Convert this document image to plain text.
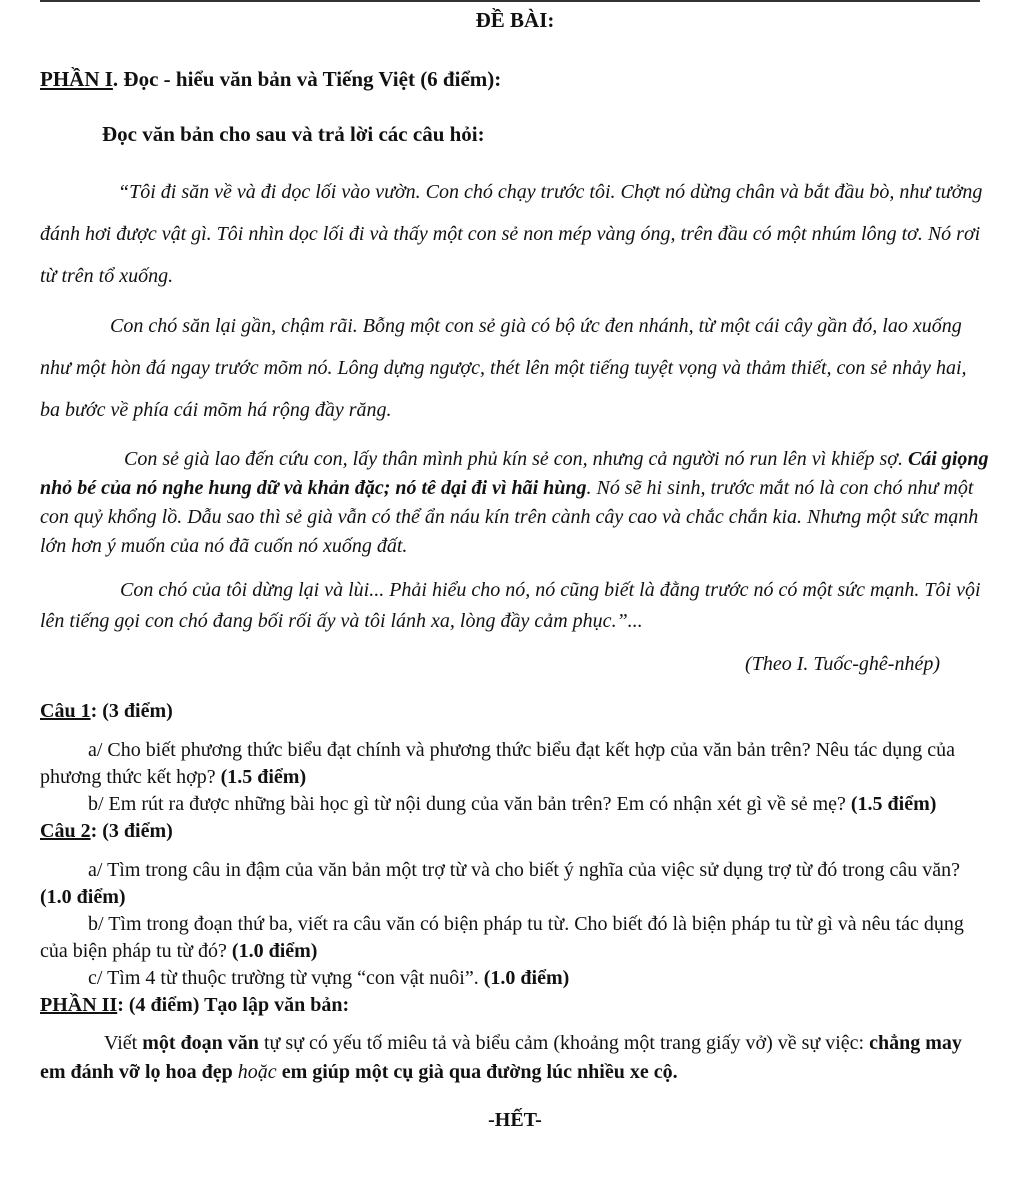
ĐỀ BÀI:

PHẦN I. Đọc - hiểu văn bản và Tiếng Việt (6 điểm):

Đọc văn bản cho sau và trả lời các câu hỏi:

“Tôi đi săn về và đi dọc lối vào vườn. Con chó chạy trước tôi. Chợt nó dừng chân và bắt đầu bò, như tưởng đánh hơi được vật gì. Tôi nhìn dọc lối đi và thấy một con sẻ non mép vàng óng, trên đầu có một nhúm lông tơ. Nó rơi từ trên tổ xuống.

Con chó săn lại gần, chậm rãi. Bỗng một con sẻ già có bộ ức đen nhánh, từ một cái cây gần đó, lao xuống như một hòn đá ngay trước mõm nó. Lông dựng ngược, thét lên một tiếng tuyệt vọng và thảm thiết, con sẻ nhảy hai, ba bước về phía cái mõm há rộng đầy răng.

Con sẻ già lao đến cứu con, lấy thân mình phủ kín sẻ con, nhưng cả người nó run lên vì khiếp sợ. Cái giọng nhỏ bé của nó nghe hung dữ và khản đặc; nó tê dại đi vì hãi hùng. Nó sẽ hi sinh, trước mắt nó là con chó như một con quỷ khổng lồ. Dẫu sao thì sẻ già vẫn có thể ẩn náu kín trên cành cây cao và chắc chắn kia. Nhưng một sức mạnh lớn hơn ý muốn của nó đã cuốn nó xuống đất.

Con chó của tôi dừng lại và lùi... Phải hiểu cho nó, nó cũng biết là đằng trước nó có một sức mạnh. Tôi vội lên tiếng gọi con chó đang bối rối ấy và tôi lánh xa, lòng đầy cảm phục.”...

(Theo I. Tuốc-ghê-nhép)

Câu 1: (3 điểm)

a/ Cho biết phương thức biểu đạt chính và phương thức biểu đạt kết hợp của văn bản trên? Nêu tác dụng của phương thức kết hợp? (1.5 điểm)

b/ Em rút ra được những bài học gì từ nội dung của văn bản trên? Em có nhận xét gì về sẻ mẹ? (1.5 điểm)

Câu 2: (3 điểm)

a/ Tìm trong câu in đậm của văn bản một trợ từ và cho biết ý nghĩa của việc sử dụng trợ từ đó trong câu văn? (1.0 điểm)

b/ Tìm trong đoạn thứ ba, viết ra câu văn có biện pháp tu từ. Cho biết đó là biện pháp tu từ gì và nêu tác dụng của biện pháp tu từ đó? (1.0 điểm)

c/ Tìm 4 từ thuộc trường từ vựng “con vật nuôi”. (1.0 điểm)

PHẦN II: (4 điểm) Tạo lập văn bản:

Viết một đoạn văn tự sự có yếu tố miêu tả và biểu cảm (khoảng một trang giấy vở) về sự việc: chẳng may em đánh vỡ lọ hoa đẹp hoặc em giúp một cụ già qua đường lúc nhiều xe cộ.

-HẾT-
